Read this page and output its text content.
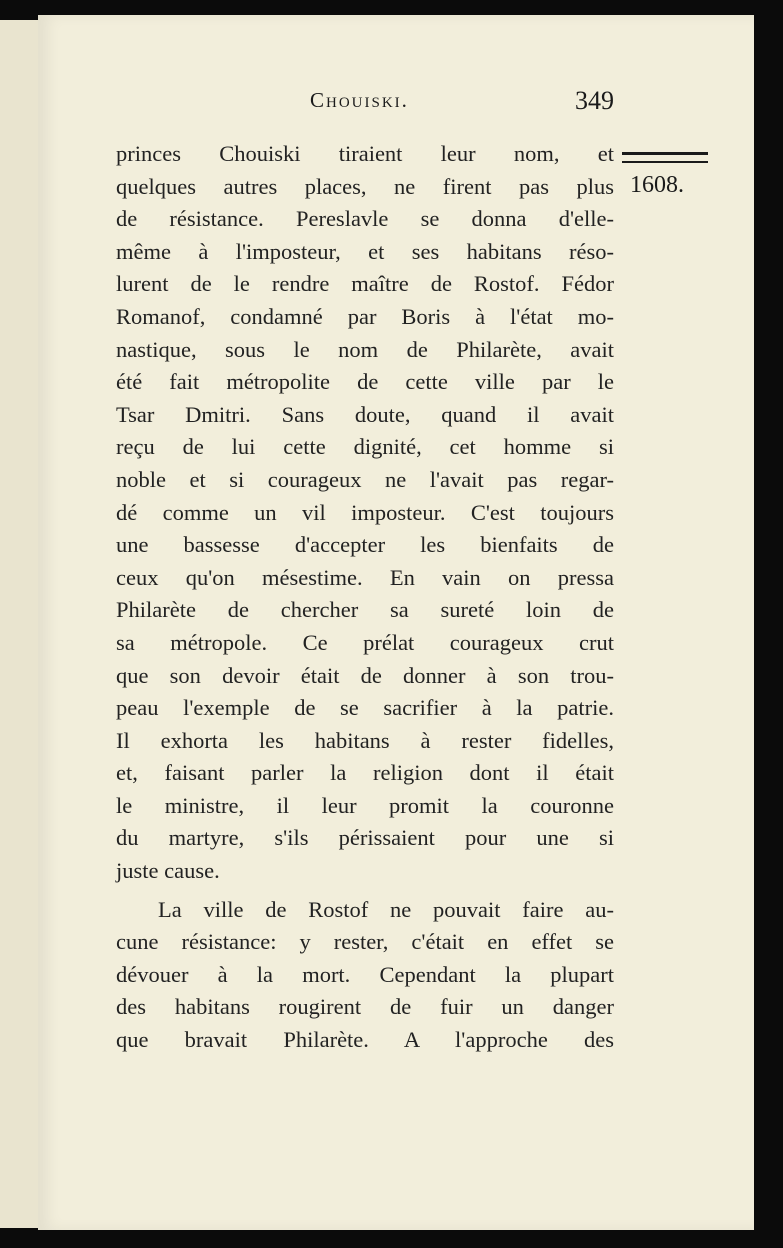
Chouiski.	349
1608.
princes Chouiski tiraient leur nom, et
quelques autres places, ne firent pas plus
de résistance. Pereslavle se donna d'elle-
même à l'imposteur, et ses habitans réso-
lurent de le rendre maître de Rostof. Fédor
Romanof, condamné par Boris à l'état mo-
nastique, sous le nom de Philarète, avait
été fait métropolite de cette ville par le
Tsar Dmitri. Sans doute, quand il avait
reçu de lui cette dignité, cet homme si
noble et si courageux ne l'avait pas regar-
dé comme un vil imposteur. C'est toujours
une bassesse d'accepter les bienfaits de
ceux qu'on mésestime. En vain on pressa
Philarète de chercher sa sureté loin de
sa métropole. Ce prélat courageux crut
que son devoir était de donner à son trou-
peau l'exemple de se sacrifier à la patrie.
Il exhorta les habitans à rester fidelles,
et, faisant parler la religion dont il était
le ministre, il leur promit la couronne
du martyre, s'ils périssaient pour une si
juste cause.
La ville de Rostof ne pouvait faire au-
cune résistance: y rester, c'était en effet se
dévouer à la mort. Cependant la plupart
des habitans rougirent de fuir un danger
que bravait Philarète. A l'approche des
